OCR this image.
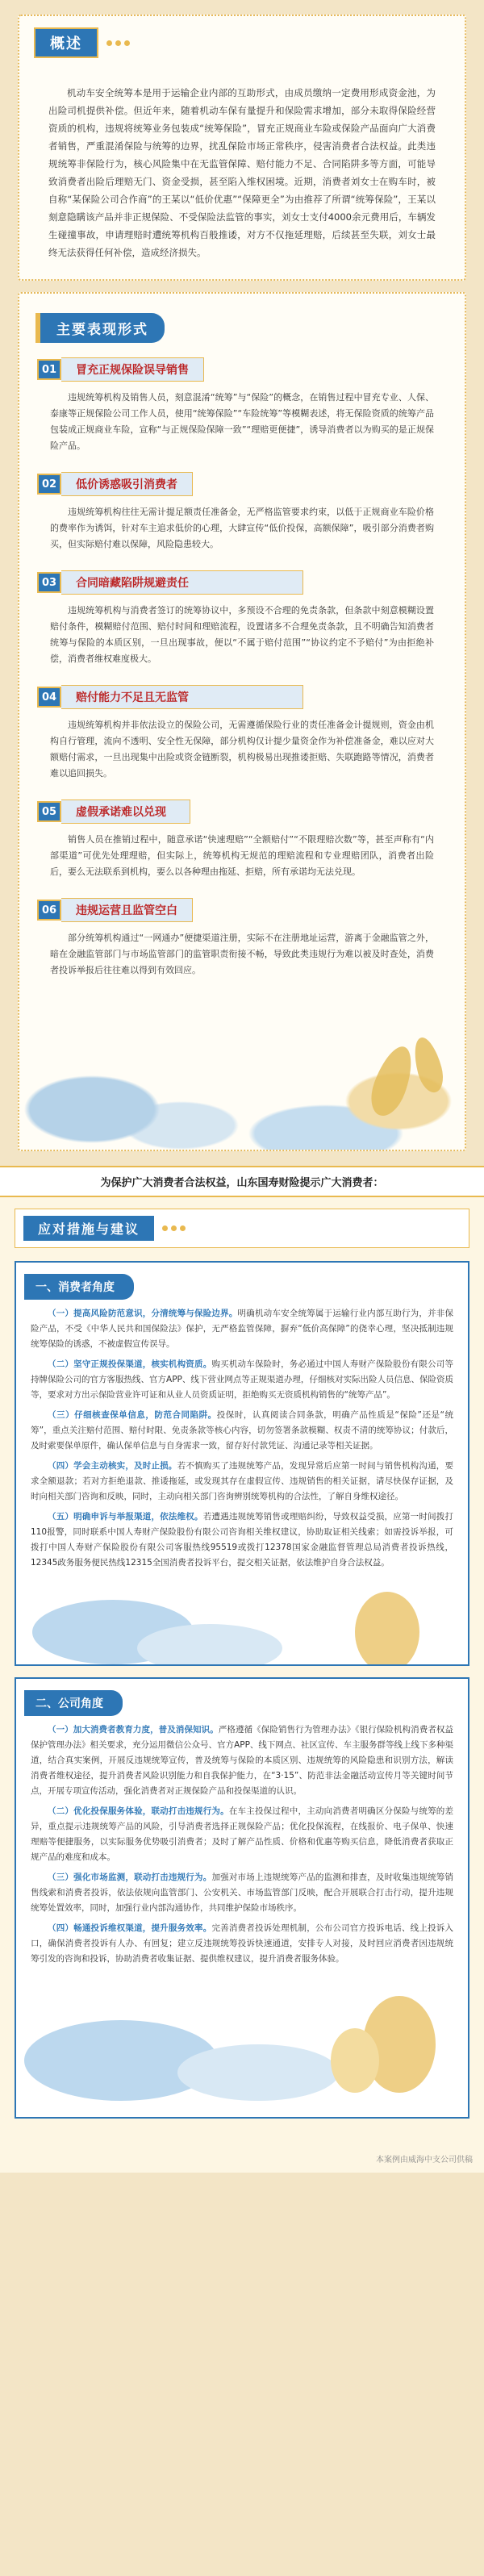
概述

机动车安全统筹本是用于运输企业内部的互助形式，由成员缴纳一定费用形成资金池，为出险司机提供补偿。但近年来，随着机动车保有量提升和保险需求增加，部分未取得保险经营资质的机构，违规将统筹业务包装成“统筹保险”，冒充正规商业车险或保险产品面向广大消费者销售，严重混淆保险与统筹的边界，扰乱保险市场正常秩序，侵害消费者合法权益。此类违规统筹非保险行为，核心风险集中在无监管保障、赔付能力不足、合同陷阱多等方面，可能导致消费者出险后理赔无门、资金受损，甚至陷入维权困境。近期，消费者刘女士在购车时，被自称“某保险公司合作商”的王某以“低价优惠”“保障更全”为由推荐了所谓“统筹保险”，王某以刻意隐瞒该产品并非正规保险、不受保险法监管的事实，刘女士支付4000余元费用后，车辆发生碰撞事故，申请理赔时遭统筹机构百般推诿，对方不仅拖延理赔，后续甚至失联，刘女士最终无法获得任何补偿，造成经济损失。

主要表现形式
01	冒充正规保险误导销售

违规统筹机构及销售人员，刻意混淆“统筹”与“保险”的概念，在销售过程中冒充专业、人保、泰康等正规保险公司工作人员，使用“统筹保险”“车险统筹”等模糊表述，将无保险资质的统筹产品包装成正规商业车险，宣称“与正规保险保障一致”“理赔更便捷”，诱导消费者以为购买的是正规保险产品。

02	低价诱惑吸引消费者

违规统筹机构往往无需计提足额责任准备金，无严格监管要求约束，以低于正规商业车险价格的费率作为诱饵，针对车主追求低价的心理，大肆宣传“低价投保，高额保障”，吸引部分消费者购买，但实际赔付难以保障，风险隐患较大。

03	合同暗藏陷阱规避责任

违规统筹机构与消费者签订的统筹协议中，多预设不合理的免责条款，但条款中刻意模糊设置赔付条件，模糊赔付范围、赔付时间和理赔流程，设置诸多不合理免责条款，且不明确告知消费者统筹与保险的本质区别，一旦出现事故，便以“不属于赔付范围”“协议约定不予赔付”为由拒绝补偿，消费者维权难度极大。

04	赔付能力不足且无监管

违规统筹机构并非依法设立的保险公司，无需遵循保险行业的责任准备金计提规则，资金由机构自行管理，流向不透明、安全性无保障，部分机构仅计提少量资金作为补偿准备金，难以应对大额赔付需求，一旦出现集中出险或资金链断裂，机构极易出现推诿拒赔、失联跑路等情况，消费者难以追回损失。

05	虚假承诺难以兑现

销售人员在推销过程中，随意承诺“快速理赔”“全额赔付”“不限理赔次数”等，甚至声称有“内部渠道”可优先处理理赔，但实际上，统筹机构无规范的理赔流程和专业理赔团队，消费者出险后，要么无法联系到机构，要么以各种理由拖延、拒赔，所有承诺均无法兑现。

06	违规运营且监管空白

部分统筹机构通过“一网通办”便捷渠道注册，实际不在注册地址运营，游离于金融监管之外，暗在金融监管部门与市场监管部门的监管职责衔接不畅，导致此类违规行为难以被及时查处，消费者投诉举报后往往难以得到有效回应。

为保护广大消费者合法权益，山东国寿财险提示广大消费者：
应对措施与建议
一、消费者角度

（一）提高风险防范意识，分清统筹与保险边界。明确机动车安全统筹属于运输行业内部互助行为，并非保险产品，不受《中华人民共和国保险法》保护，无严格监管保障，摒弃“低价高保障”的侥幸心理，坚决抵制违规统筹保险的诱惑，不被虚假宣传误导。

（二）坚守正规投保渠道，核实机构资质。购买机动车保险时，务必通过中国人寿财产保险股份有限公司等持牌保险公司的官方客服热线、官方APP、线下营业网点等正规渠道办理，仔细核对实际出险人员信息、保险资质等，要求对方出示保险营业许可证和从业人员资质证明，拒绝购买无资质机构销售的“统筹产品”。

（三）仔细核查保单信息，防范合同陷阱。投保时，认真阅读合同条款，明确产品性质是“保险”还是“统筹”，重点关注赔付范围、赔付时限、免责条款等核心内容，切勿签署条款模糊、权责不清的统筹协议；付款后，及时索要保单原件，确认保单信息与自身需求一致，留存好付款凭证、沟通记录等相关证据。

（四）学会主动核实，及时止损。若不慎购买了违规统筹产品，发现异常后应第一时间与销售机构沟通，要求全额退款；若对方拒绝退款、推诿拖延，或发现其存在虚假宣传、违规销售的相关证据，请尽快保存证据，及时向相关部门咨询和反映，同时，主动向相关部门咨询辨别统筹机构的合法性，了解自身维权途径。

（五）明确申诉与举报渠道，依法维权。若遭遇违规统筹销售或理赔纠纷，导致权益受损，应第一时间拨打110报警，同时联系中国人寿财产保险股份有限公司咨询相关维权建议，协助取证相关线索；如需投诉举报，可拨打中国人寿财产保险股份有限公司客服热线95519或拨打12378国家金融监督管理总局消费者投诉热线，12345政务服务便民热线12315全国消费者投诉平台，提交相关证据，依法维护自身合法权益。

二、公司角度

（一）加大消费者教育力度，普及消保知识。严格遵循《保险销售行为管理办法》《银行保险机构消费者权益保护管理办法》相关要求，充分运用微信公众号、官方APP、线下网点、社区宣传、车主服务群等线上线下多种渠道，结合真实案例，开展反违规统筹宣传，普及统筹与保险的本质区别、违规统筹的风险隐患和识别方法，解读消费者维权途径，提升消费者风险识别能力和自我保护能力，在“3·15”、防范非法金融活动宣传月等关键时间节点，开展专项宣传活动，强化消费者对正规保险产品和投保渠道的认识。

（二）优化投保服务体验，联动打击违规行为。在车主投保过程中，主动向消费者明确区分保险与统筹的差异，重点提示违规统筹产品的风险，引导消费者选择正规保险产品；优化投保流程，在线报价、电子保单、快速理赔等便捷服务，以实际服务优势吸引消费者；及时了解产品性质、价格和优惠等购买信息，降低消费者获取正规产品的难度和成本。

（三）强化市场监测，联动打击违规行为。加强对市场上违规统筹产品的监测和排查，及时收集违规统筹销售线索和消费者投诉，依法依规向监管部门、公安机关、市场监管部门反映，配合开展联合打击行动，提升违规统筹处置效率，同时，加强行业内部沟通协作，共同维护保险市场秩序。

（四）畅通投诉维权渠道，提升服务效率。完善消费者投诉处理机制，公布公司官方投诉电话、线上投诉入口，确保消费者投诉有人办、有回复；建立反违规统筹投诉快速通道，安排专人对接，及时回应消费者因违规统筹引发的咨询和投诉，协助消费者收集证据、提供维权建议，提升消费者服务体验。

本案例由威海中支公司供稿
